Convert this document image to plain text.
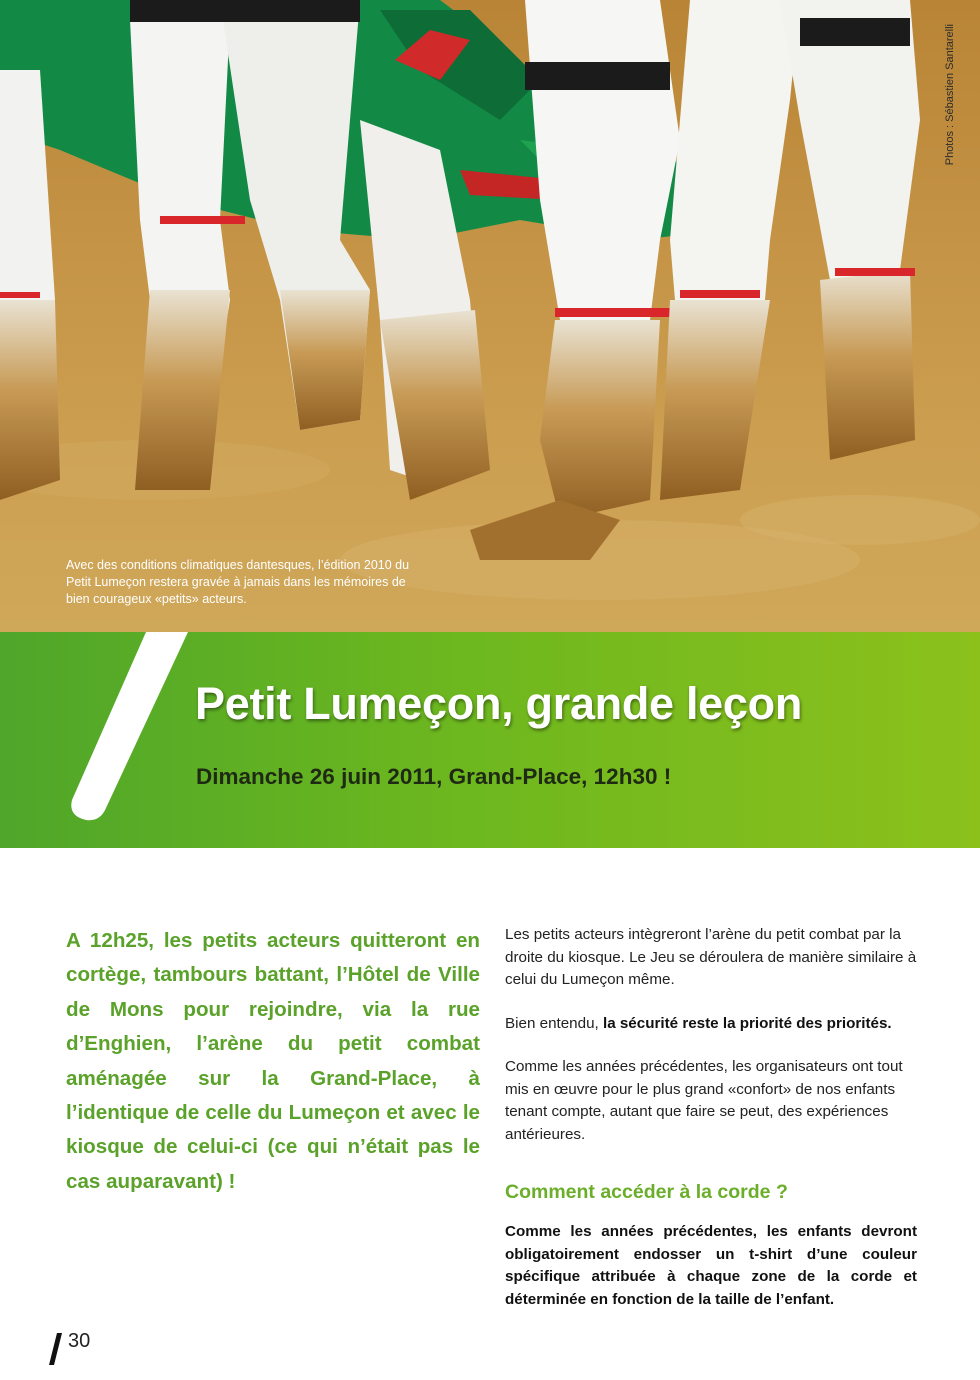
Photos : Sébastien Santarelli
Avec des conditions climatiques dantesques, l’édition 2010 du Petit Lumeçon restera gravée à jamais dans les mémoires de bien courageux «petits» acteurs.
Petit Lumeçon, grande leçon
Dimanche 26 juin 2011, Grand-Place, 12h30 !
A 12h25, les petits acteurs quitteront en cortège, tambours battant, l’Hôtel de Ville de Mons pour rejoindre, via la rue d’Enghien, l’arène du petit combat aménagée sur la Grand-Place, à l’identique de celle du Lumeçon et avec le kiosque de celui-ci (ce qui n’était pas le cas auparavant) !

Les petits acteurs intègreront l’arène du petit combat par la droite du kiosque. Le Jeu se déroulera de manière similaire à celui du Lumeçon même.

Bien entendu, la sécurité reste la priorité des priorités.

Comme les années précédentes, les organisateurs ont tout mis en œuvre pour le plus grand «confort» de nos enfants tenant compte, autant que faire se peut, des expériences antérieures.

Comment accéder à la corde ?
Comme les années précédentes, les enfants devront obligatoirement endosser un t-shirt d’une couleur spécifique attribuée à chaque zone de la corde et déterminée en fonction de la taille de l’enfant.
30
